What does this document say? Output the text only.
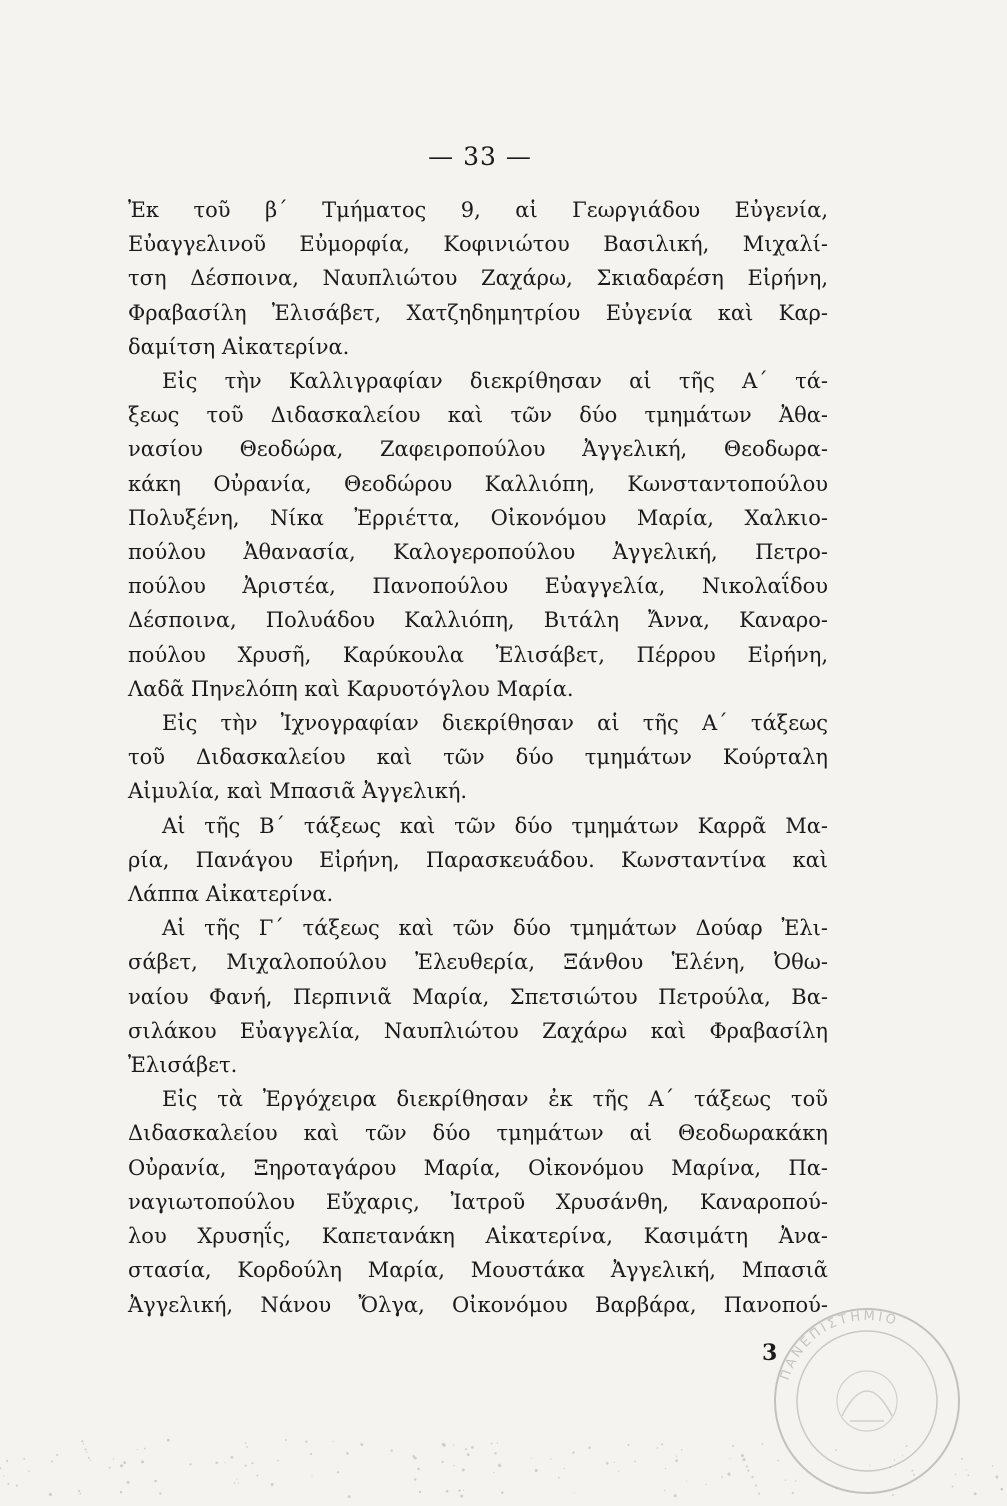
— 33 —
Ἐκ τοῦ β΄ Τμήματος 9, αἱ Γεωργιάδου Εὐγενία,
Εὐαγγελινοῦ Εὐμορφία, Κοφινιώτου Βασιλική, Μιχαλί-
τση Δέσποινα, Ναυπλιώτου Ζαχάρω, Σκιαδαρέση Εἰρήνη,
Φραβασίλη Ἐλισάβετ, Χατζηδημητρίου Εὐγενία καὶ Καρ-
δαμίτση Αἰκατερίνα.
Εἰς τὴν Καλλιγραφίαν διεκρίθησαν αἱ τῆς Α΄ τά-
ξεως τοῦ Διδασκαλείου καὶ τῶν δύο τμημάτων Ἀθα-
νασίου Θεοδώρα, Ζαφειροπούλου Ἀγγελική, Θεοδωρα-
κάκη Οὐρανία, Θεοδώρου Καλλιόπη, Κωνσταντοπούλου
Πολυξένη, Νίκα Ἐρριέττα, Οἰκονόμου Μαρία, Χαλκιο-
πούλου Ἀθανασία, Καλογεροπούλου Ἀγγελική, Πετρο-
πούλου Ἀριστέα, Πανοπούλου Εὐαγγελία, Νικολαΐδου
Δέσποινα, Πολυάδου Καλλιόπη, Βιτάλη Ἄννα, Καναρο-
πούλου Χρυσῆ, Καρύκουλα Ἐλισάβετ, Πέρρου Εἰρήνη,
Λαδᾶ Πηνελόπη καὶ Καρυοτόγλου Μαρία.
Εἰς τὴν Ἰχνογραφίαν διεκρίθησαν αἱ τῆς Α΄ τάξεως
τοῦ Διδασκαλείου καὶ τῶν δύο τμημάτων Κούρταλη
Αἰμυλία, καὶ Μπασιᾶ Ἀγγελική.
Αἱ τῆς Β΄ τάξεως καὶ τῶν δύο τμημάτων Καρρᾶ Μα-
ρία, Πανάγου Εἰρήνη, Παρασκευάδου. Κωνσταντίνα καὶ
Λάππα Αἰκατερίνα.
Αἱ τῆς Γ΄ τάξεως καὶ τῶν δύο τμημάτων Δούαρ Ἐλι-
σάβετ, Μιχαλοπούλου Ἐλευθερία, Ξάνθου Ἑλένη, Ὀθω-
ναίου Φανή, Περπινιᾶ Μαρία, Σπετσιώτου Πετρούλα, Βα-
σιλάκου Εὐαγγελία, Ναυπλιώτου Ζαχάρω καὶ Φραβασίλη
Ἐλισάβετ.
Εἰς τὰ Ἐργόχειρα διεκρίθησαν ἐκ τῆς Α΄ τάξεως τοῦ
Διδασκαλείου καὶ τῶν δύο τμημάτων αἱ Θεοδωρακάκη
Οὐρανία, Ξηροταγάρου Μαρία, Οἰκονόμου Μαρίνα, Πα-
ναγιωτοπούλου Εὔχαρις, Ἰατροῦ Χρυσάνθη, Καναροπού-
λου Χρυσηΐς, Καπετανάκη Αἰκατερίνα, Κασιμάτη Ἀνα-
στασία, Κορδούλη Μαρία, Μουστάκα Ἀγγελική, Μπασιᾶ
Ἀγγελική, Νάνου Ὄλγα, Οἰκονόμου Βαρβάρα, Πανοπού-
3
ΠΑΝΕΠΙΣΤΗΜΙΟ
